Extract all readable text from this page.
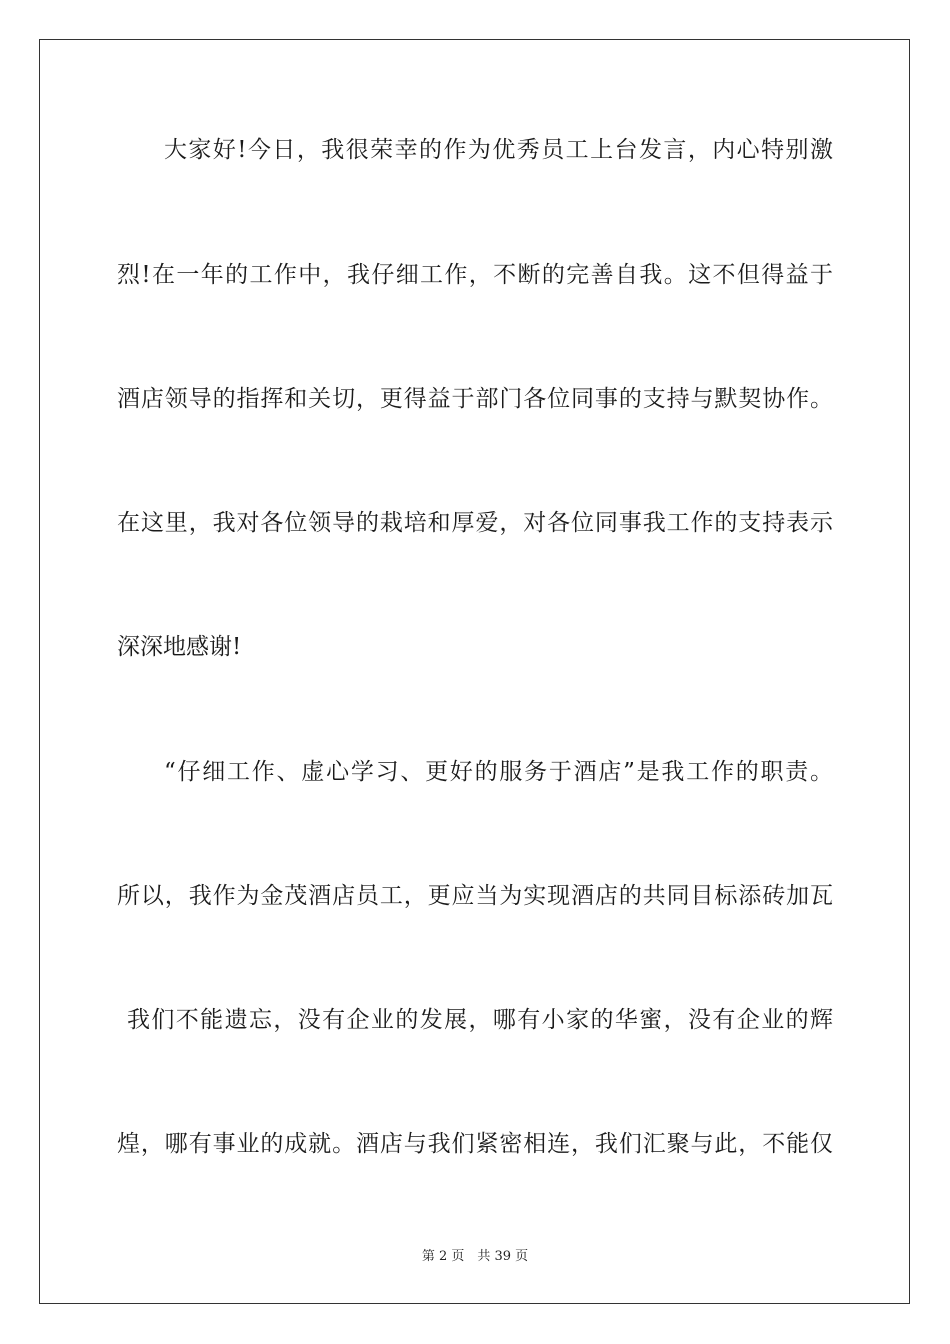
大家好!今日，我很荣幸的作为优秀员工上台发言，内心特别激
烈!在一年的工作中，我仔细工作，不断的完善自我。这不但得益于
酒店领导的指挥和关切，更得益于部门各位同事的支持与默契协作。
在这里，我对各位领导的栽培和厚爱，对各位同事我工作的支持表示
深深地感谢!
“仔细工作、虚心学习、更好的服务于酒店”是我工作的职责。
所以，我作为金茂酒店员工，更应当为实现酒店的共同目标添砖加瓦
我们不能遗忘，没有企业的发展，哪有小家的华蜜，没有企业的辉
煌，哪有事业的成就。酒店与我们紧密相连，我们汇聚与此，不能仅
第 2 页　共 39 页
